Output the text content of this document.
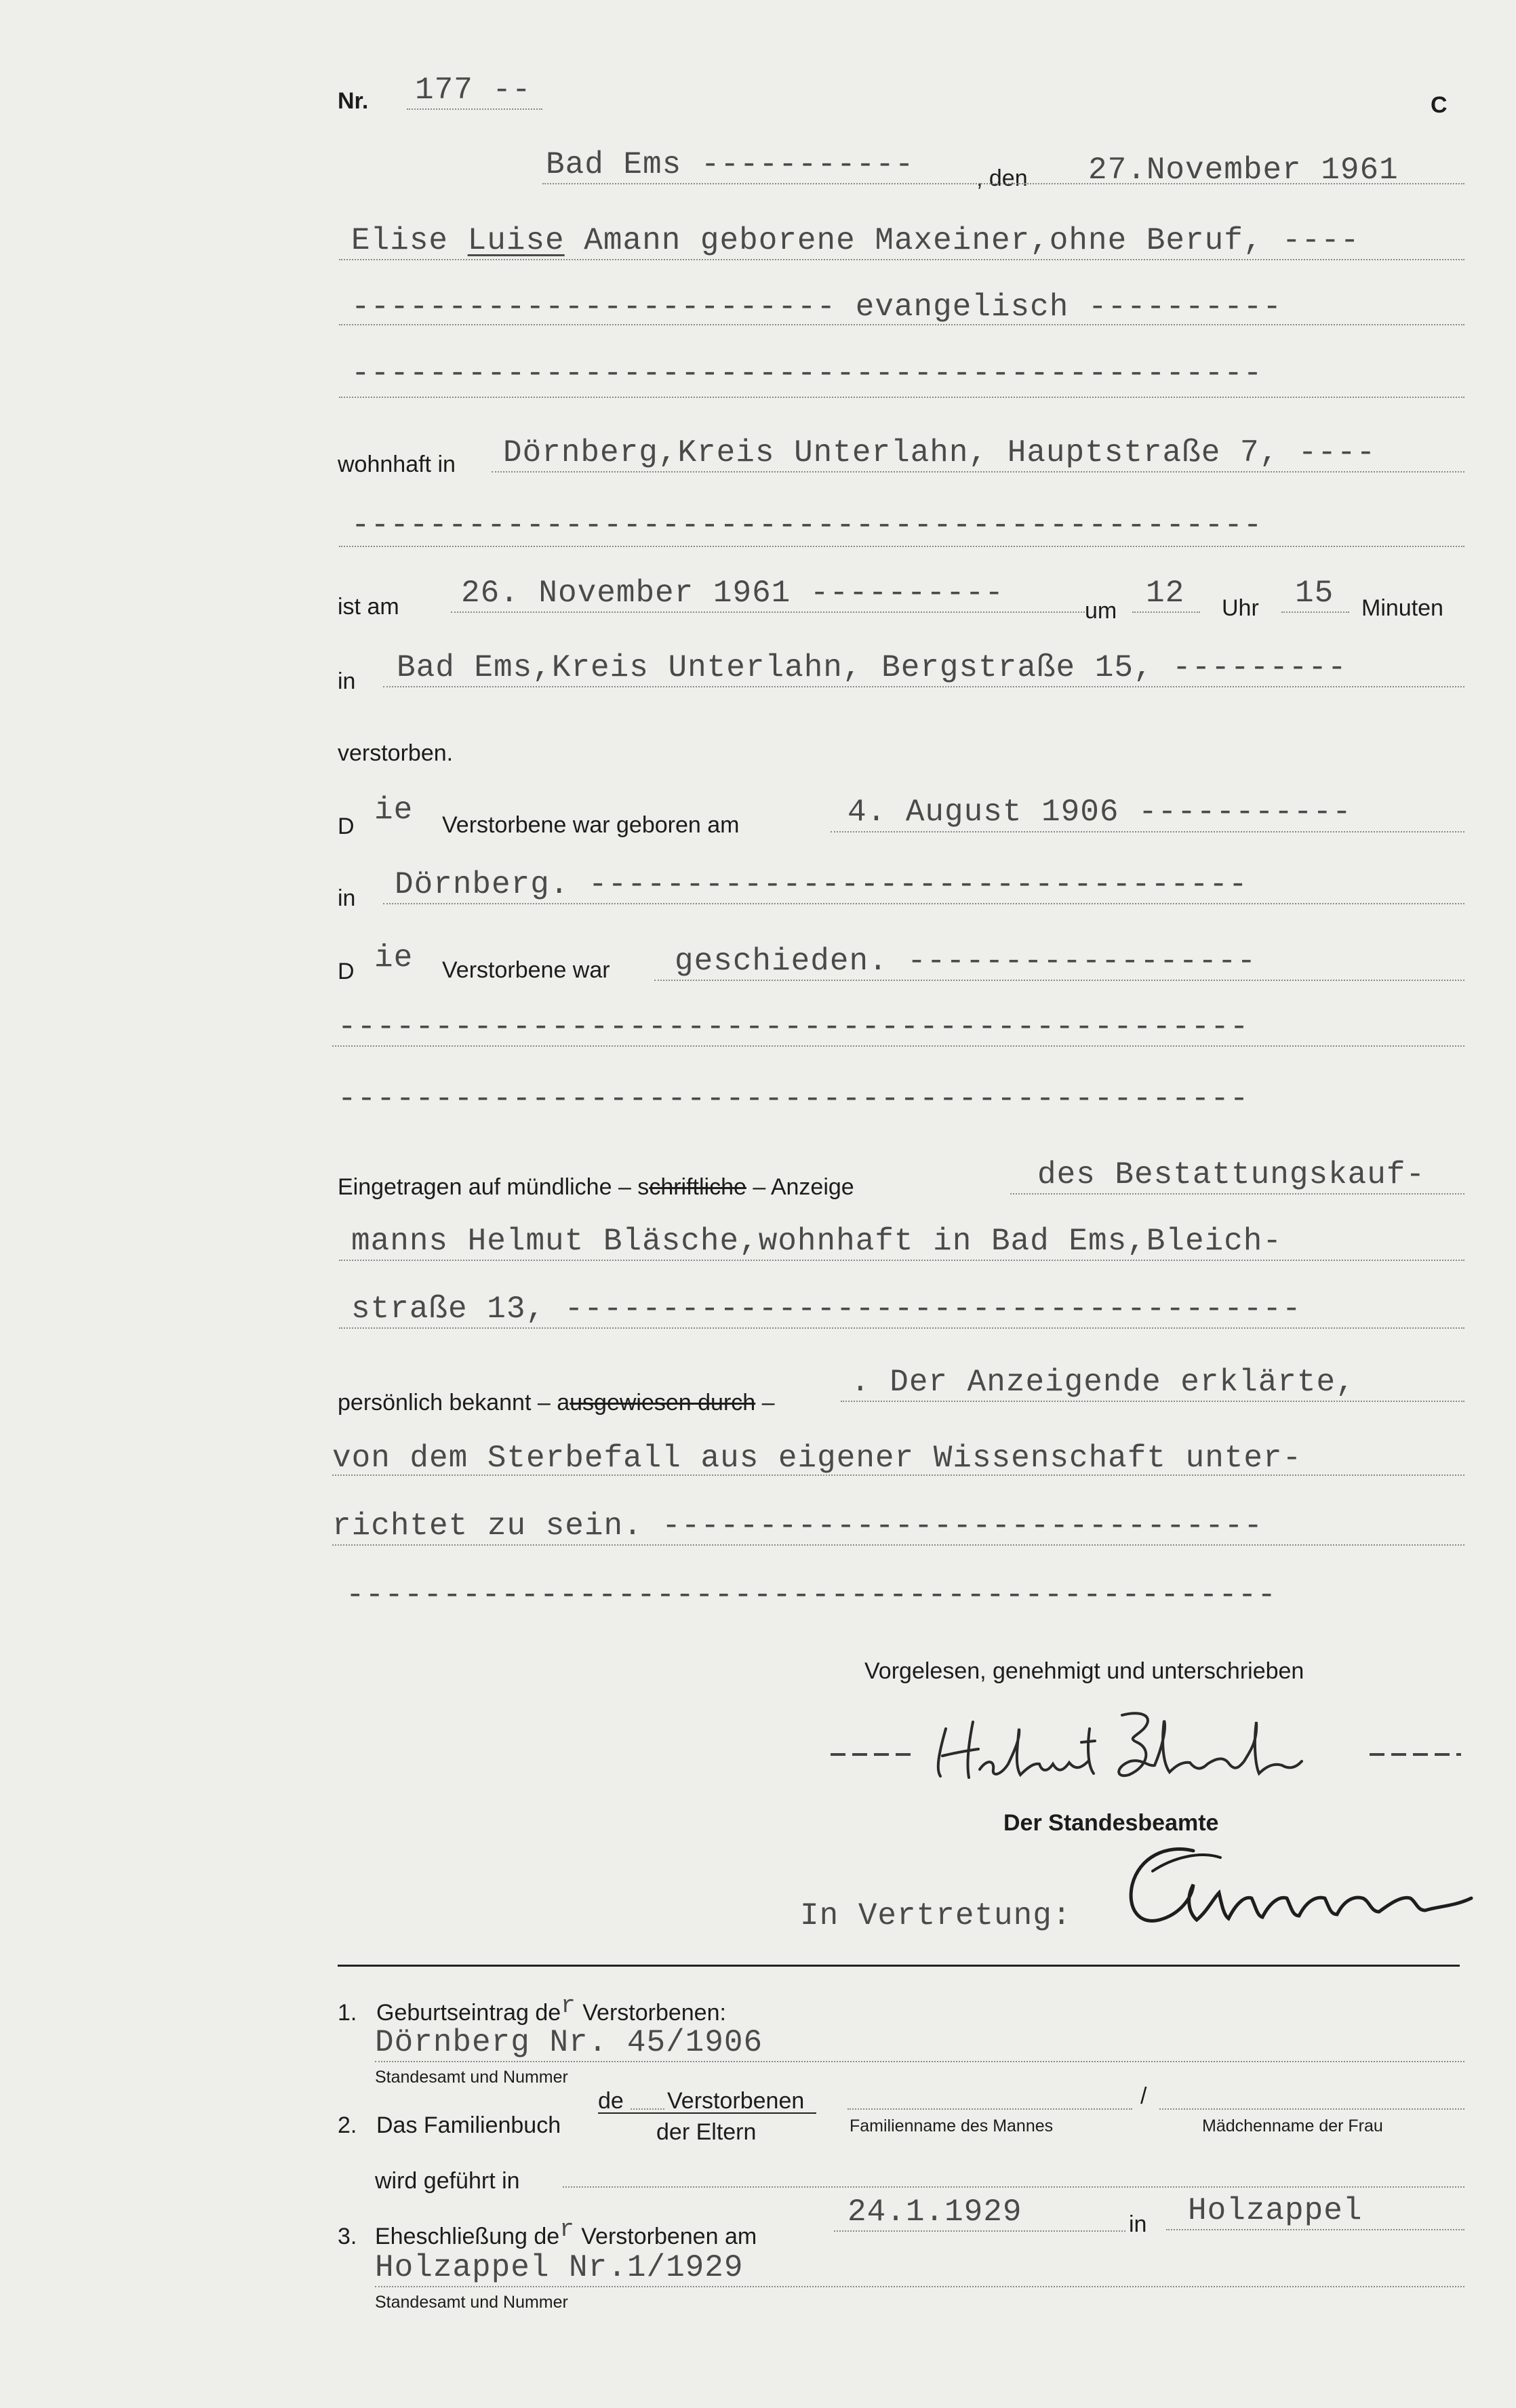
Nr. 177 --	C
Bad Ems -----------	, den 27.November 1961
Elise Luise Amann geborene Maxeiner,ohne Beruf, ----
------------------------- evangelisch ----------
-----------------------------------------------
wohnhaft in Dörnberg,Kreis Unterlahn, Hauptstraße 7, ----
-----------------------------------------------
ist am 26. November 1961 ----------	um 12 Uhr 15 Minuten
in Bad Ems,Kreis Unterlahn, Bergstraße 15, ---------
verstorben.
D ie Verstorbene war geboren am	4. August 1906 -----------
in Dörnberg. ----------------------------------
D ie Verstorbene war geschieden. ------------------
-----------------------------------------------
-----------------------------------------------
Eingetragen auf mündliche – schriftliche – Anzeige	des Bestattungskauf-
manns Helmut Bläsche,wohnhaft in Bad Ems,Bleich-
straße 13, --------------------------------------
persönlich bekannt – ausgewiesen durch –
. Der Anzeigende erklärte,
von dem Sterbefall aus eigener Wissenschaft unter-
richtet zu sein. -------------------------------
------------------------------------------------
Vorgelesen, genehmigt und unterschrieben
Der Standesbeamte
In Vertretung:
1. Geburtseintrag der Verstorbenen:
Dörnberg Nr. 45/1906
Standesamt und Nummer
2. Das Familienbuch
de Verstorbenen
der Eltern	Familienname des Mannes
/
Mädchenname der Frau
wird geführt in
3. Eheschließung der Verstorbenen am
24.1.1929	in Holzappel
Holzappel Nr.1/1929
Standesamt und Nummer
